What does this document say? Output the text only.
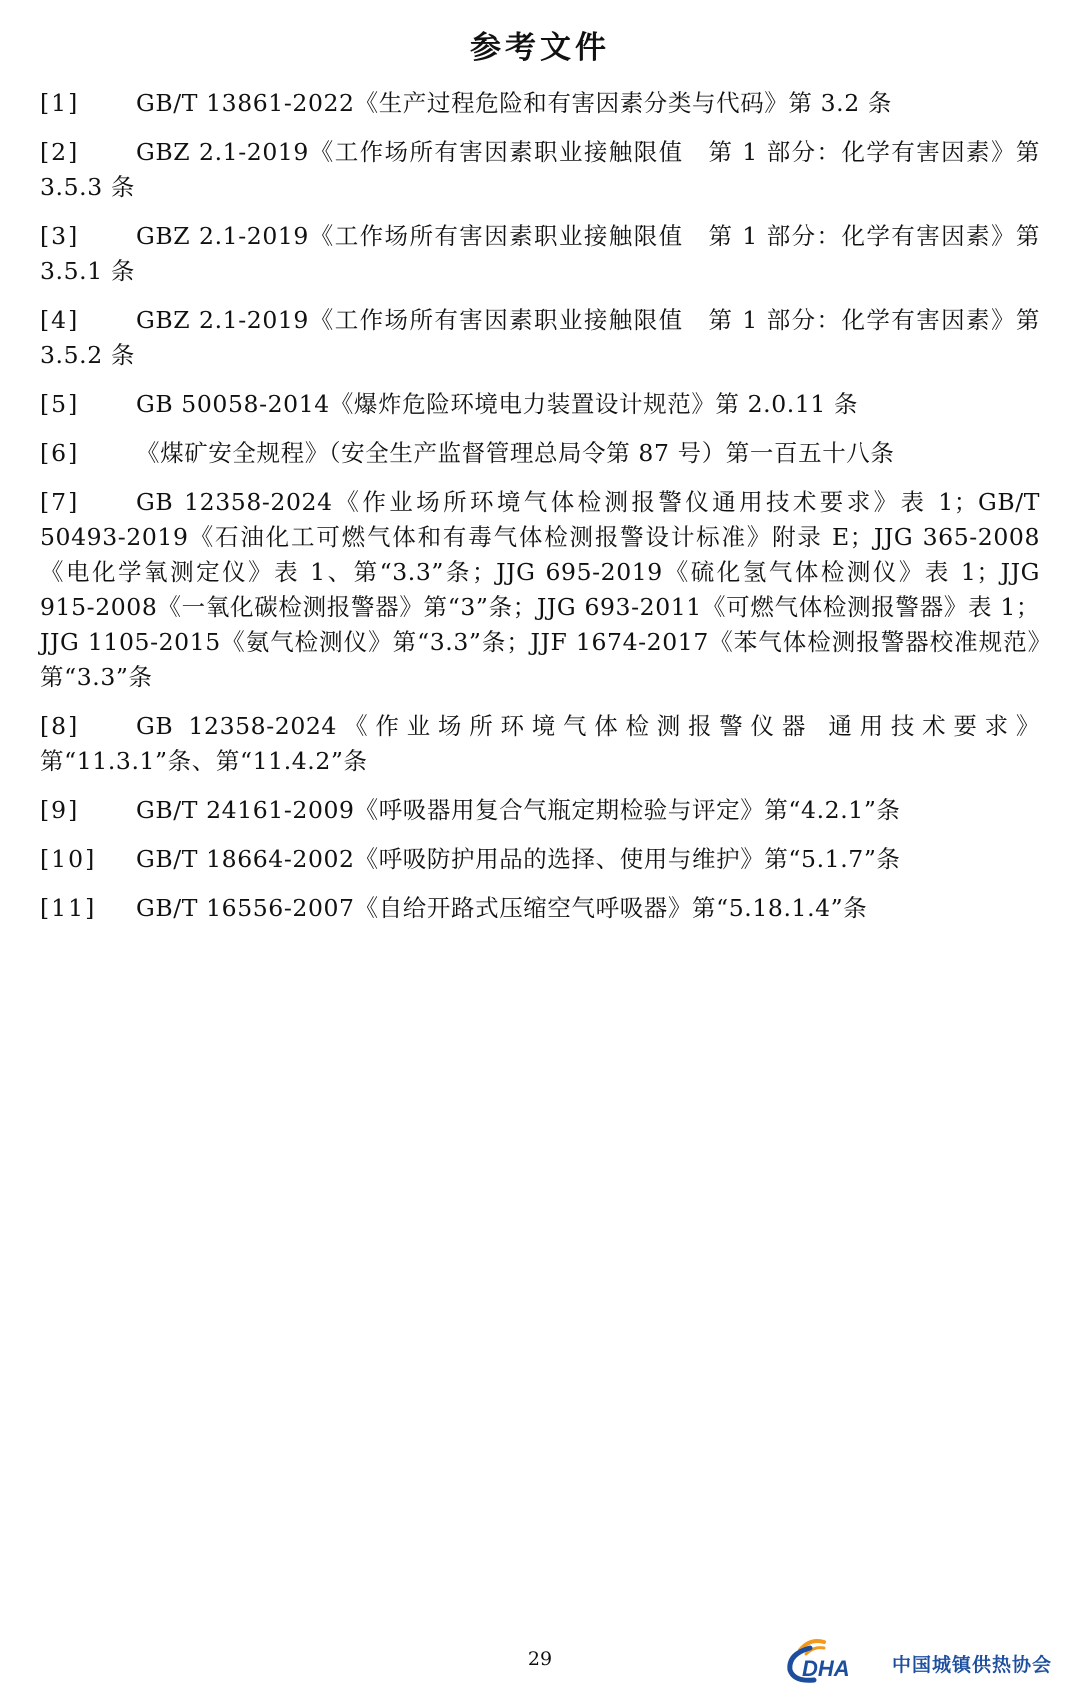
参考文件
[1]	GB/T 13861-2022《生产过程危险和有害因素分类与代码》第 3.2 条
[2]	GBZ 2.1-2019《工作场所有害因素职业接触限值　第 1 部分：化学有害因素》第 3.5.3 条
[3]	GBZ 2.1-2019《工作场所有害因素职业接触限值　第 1 部分：化学有害因素》第 3.5.1 条
[4]	GBZ 2.1-2019《工作场所有害因素职业接触限值　第 1 部分：化学有害因素》第 3.5.2 条
[5]	GB 50058-2014《爆炸危险环境电力装置设计规范》第 2.0.11 条
[6]	《煤矿安全规程》（安全生产监督管理总局令第 87 号）第一百五十八条
[7]	GB 12358-2024《作业场所环境气体检测报警仪通用技术要求》表 1；GB/T 50493-2019《石油化工可燃气体和有毒气体检测报警设计标准》附录 E；JJG 365-2008《电化学氧测定仪》表 1、第“3.3”条；JJG 695-2019《硫化氢气体检测仪》表 1；JJG 915-2008《一氧化碳检测报警器》第“3”条；JJG 693-2011《可燃气体检测报警器》表 1；JJG 1105-2015《氨气检测仪》第“3.3”条；JJF 1674-2017《苯气体检测报警器校准规范》第“3.3”条
[8]	GB 12358-2024《作业场所环境气体检测报警仪器 通用技术要求》第“11.3.1”条、第“11.4.2”条
[9]	GB/T 24161-2009《呼吸器用复合气瓶定期检验与评定》第“4.2.1”条
[10]	GB/T 18664-2002《呼吸防护用品的选择、使用与维护》第“5.1.7”条
[11]	GB/T 16556-2007《自给开路式压缩空气呼吸器》第“5.18.1.4”条
29	DHA 中国城镇供热协会
